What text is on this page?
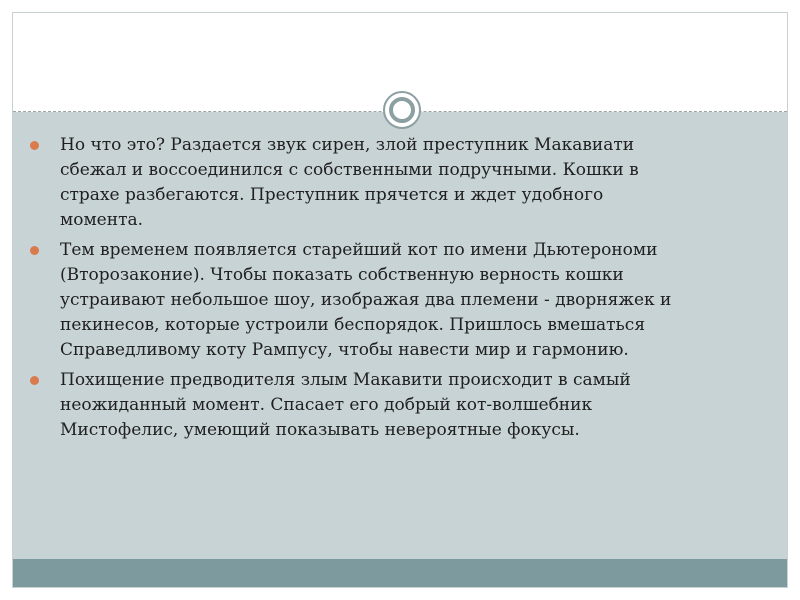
Но что это? Раздается звук сирен, злой преступник Макавиати
сбежал и воссоединился с собственными подручными. Кошки в
страхе разбегаются. Преступник прячется и ждет удобного
момента.
Тем временем появляется старейший кот по имени Дьютерономи
(Второзаконие). Чтобы показать собственную верность кошки
устраивают небольшое шоу, изображая два племени - дворняжек и
пекинесов, которые устроили беспорядок. Пришлось вмешаться
Справедливому коту Рампусу, чтобы навести мир и гармонию.
Похищение предводителя злым Макавити происходит в самый
неожиданный момент. Спасает его добрый кот-волшебник
Мистофелис, умеющий показывать невероятные фокусы.
